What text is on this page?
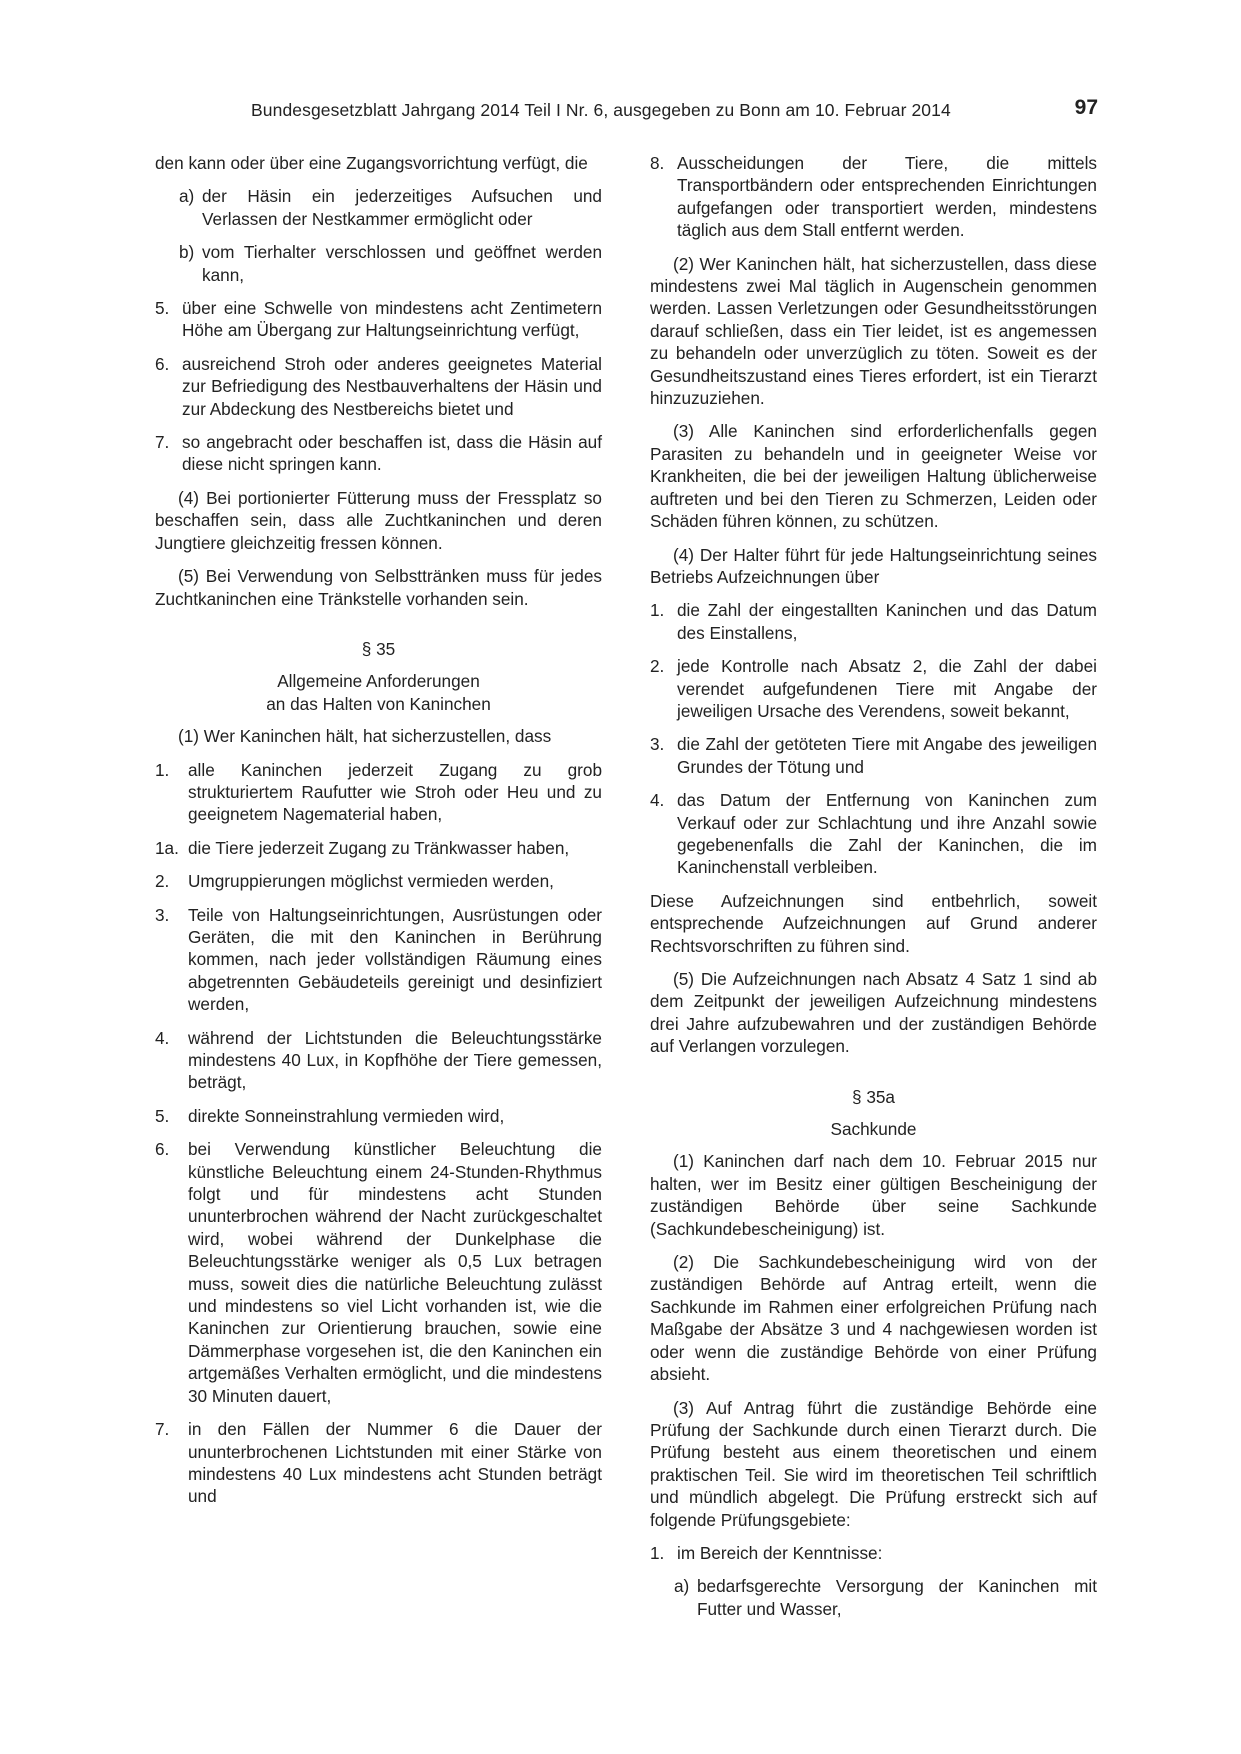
Bundesgesetzblatt Jahrgang 2014 Teil I Nr. 6, ausgegeben zu Bonn am 10. Februar 2014	97

den kann oder über eine Zugangsvorrichtung verfügt, die

a) der Häsin ein jederzeitiges Aufsuchen und Verlassen der Nestkammer ermöglicht oder
b) vom Tierhalter verschlossen und geöffnet werden kann,
5. über eine Schwelle von mindestens acht Zentimetern Höhe am Übergang zur Haltungseinrichtung verfügt,
6. ausreichend Stroh oder anderes geeignetes Material zur Befriedigung des Nestbauverhaltens der Häsin und zur Abdeckung des Nestbereichs bietet und
7. so angebracht oder beschaffen ist, dass die Häsin auf diese nicht springen kann.

(4) Bei portionierter Fütterung muss der Fressplatz so beschaffen sein, dass alle Zuchtkaninchen und deren Jungtiere gleichzeitig fressen können.

(5) Bei Verwendung von Selbsttränken muss für jedes Zuchtkaninchen eine Tränkstelle vorhanden sein.

§ 35

Allgemeine Anforderungen
an das Halten von Kaninchen

(1) Wer Kaninchen hält, hat sicherzustellen, dass

1.	alle Kaninchen jederzeit Zugang zu grob strukturiertem Raufutter wie Stroh oder Heu und zu geeignetem Nagematerial haben,
1a. die Tiere jederzeit Zugang zu Tränkwasser haben,
2.	Umgruppierungen möglichst vermieden werden,
3.	Teile von Haltungseinrichtungen, Ausrüstungen oder Geräten, die mit den Kaninchen in Berührung kommen, nach jeder vollständigen Räumung eines abgetrennten Gebäudeteils gereinigt und desinfiziert werden,
4.	während der Lichtstunden die Beleuchtungsstärke mindestens 40 Lux, in Kopfhöhe der Tiere gemessen, beträgt,
5.	direkte Sonneinstrahlung vermieden wird,
6.	bei Verwendung künstlicher Beleuchtung die künstliche Beleuchtung einem 24-Stunden-Rhythmus folgt und für mindestens acht Stunden ununterbrochen während der Nacht zurückgeschaltet wird, wobei während der Dunkelphase die Beleuchtungsstärke weniger als 0,5 Lux betragen muss, soweit dies die natürliche Beleuchtung zulässt und mindestens so viel Licht vorhanden ist, wie die Kaninchen zur Orientierung brauchen, sowie eine Dämmerphase vorgesehen ist, die den Kaninchen ein artgemäßes Verhalten ermöglicht, und die mindestens 30 Minuten dauert,
7.	in den Fällen der Nummer 6 die Dauer der ununterbrochenen Lichtstunden mit einer Stärke von mindestens 40 Lux mindestens acht Stunden beträgt und
8. Ausscheidungen der Tiere, die mittels Transportbändern oder entsprechenden Einrichtungen aufgefangen oder transportiert werden, mindestens täglich aus dem Stall entfernt werden.

(2) Wer Kaninchen hält, hat sicherzustellen, dass diese mindestens zwei Mal täglich in Augenschein genommen werden. Lassen Verletzungen oder Gesundheitsstörungen darauf schließen, dass ein Tier leidet, ist es angemessen zu behandeln oder unverzüglich zu töten. Soweit es der Gesundheitszustand eines Tieres erfordert, ist ein Tierarzt hinzuzuziehen.

(3) Alle Kaninchen sind erforderlichenfalls gegen Parasiten zu behandeln und in geeigneter Weise vor Krankheiten, die bei der jeweiligen Haltung üblicherweise auftreten und bei den Tieren zu Schmerzen, Leiden oder Schäden führen können, zu schützen.

(4) Der Halter führt für jede Haltungseinrichtung seines Betriebs Aufzeichnungen über

1. die Zahl der eingestallten Kaninchen und das Datum des Einstallens,
2. jede Kontrolle nach Absatz 2, die Zahl der dabei verendet aufgefundenen Tiere mit Angabe der jeweiligen Ursache des Verendens, soweit bekannt,
3. die Zahl der getöteten Tiere mit Angabe des jeweiligen Grundes der Tötung und
4. das Datum der Entfernung von Kaninchen zum Verkauf oder zur Schlachtung und ihre Anzahl sowie gegebenenfalls die Zahl der Kaninchen, die im Kaninchenstall verbleiben.

Diese Aufzeichnungen sind entbehrlich, soweit entsprechende Aufzeichnungen auf Grund anderer Rechtsvorschriften zu führen sind.

(5) Die Aufzeichnungen nach Absatz 4 Satz 1 sind ab dem Zeitpunkt der jeweiligen Aufzeichnung mindestens drei Jahre aufzubewahren und der zuständigen Behörde auf Verlangen vorzulegen.

§ 35a

Sachkunde

(1) Kaninchen darf nach dem 10. Februar 2015 nur halten, wer im Besitz einer gültigen Bescheinigung der zuständigen Behörde über seine Sachkunde (Sachkundebescheinigung) ist.

(2) Die Sachkundebescheinigung wird von der zuständigen Behörde auf Antrag erteilt, wenn die Sachkunde im Rahmen einer erfolgreichen Prüfung nach Maßgabe der Absätze 3 und 4 nachgewiesen worden ist oder wenn die zuständige Behörde von einer Prüfung absieht.

(3) Auf Antrag führt die zuständige Behörde eine Prüfung der Sachkunde durch einen Tierarzt durch. Die Prüfung besteht aus einem theoretischen und einem praktischen Teil. Sie wird im theoretischen Teil schriftlich und mündlich abgelegt. Die Prüfung erstreckt sich auf folgende Prüfungsgebiete:

1. im Bereich der Kenntnisse:
a) bedarfsgerechte Versorgung der Kaninchen mit Futter und Wasser,
